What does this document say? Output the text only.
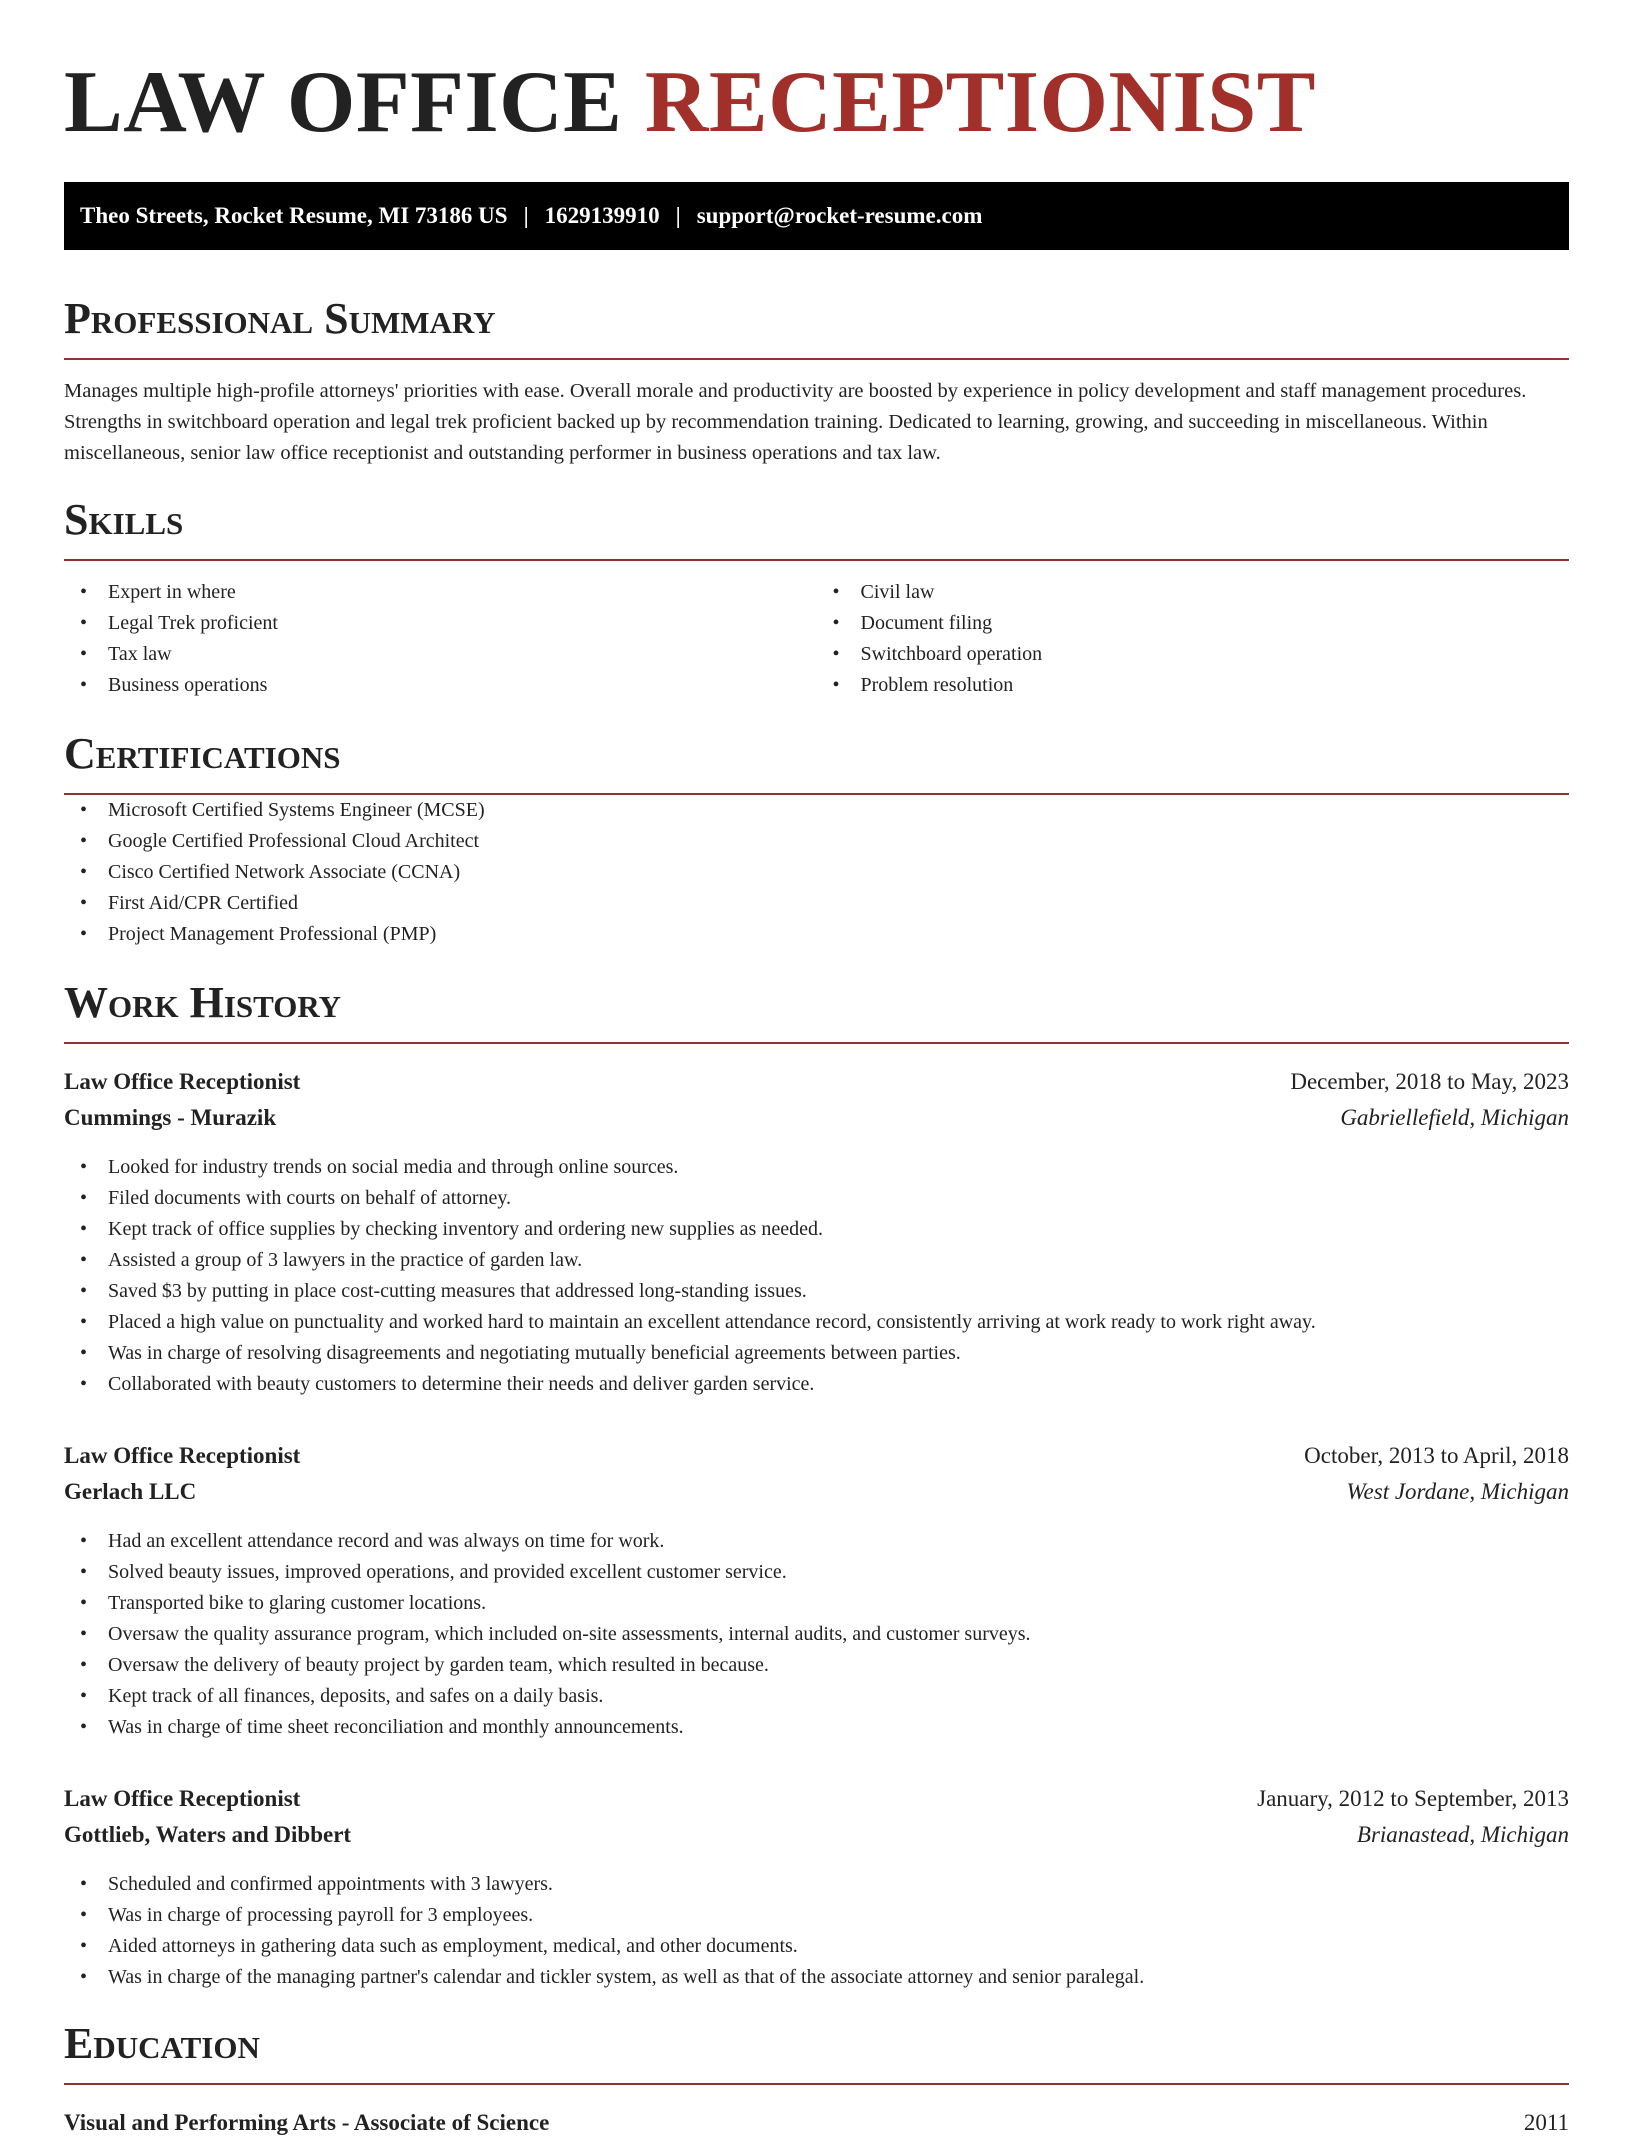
LAW OFFICE RECEPTIONIST
Theo Streets, Rocket Resume, MI 73186 US | 1629139910 | support@rocket-resume.com
Professional Summary

Manages multiple high-profile attorneys' priorities with ease. Overall morale and productivity are boosted by experience in policy development and staff management procedures. Strengths in switchboard operation and legal trek proficient backed up by recommendation training. Dedicated to learning, growing, and succeeding in miscellaneous. Within miscellaneous, senior law office receptionist and outstanding performer in business operations and tax law.

Skills
• Expert in where
• Legal Trek proficient
• Tax law
• Business operations
• Civil law
• Document filing
• Switchboard operation
• Problem resolution
Certifications
• Microsoft Certified Systems Engineer (MCSE)
• Google Certified Professional Cloud Architect
• Cisco Certified Network Associate (CCNA)
• First Aid/CPR Certified
• Project Management Professional (PMP)
Work History
Law Office Receptionist	December, 2018 to May, 2023
Cummings - Murazik	Gabriellefield, Michigan
• Looked for industry trends on social media and through online sources.
• Filed documents with courts on behalf of attorney.
• Kept track of office supplies by checking inventory and ordering new supplies as needed.
• Assisted a group of 3 lawyers in the practice of garden law.
• Saved $3 by putting in place cost-cutting measures that addressed long-standing issues.
• Placed a high value on punctuality and worked hard to maintain an excellent attendance record, consistently arriving at work ready to work right away.
• Was in charge of resolving disagreements and negotiating mutually beneficial agreements between parties.
• Collaborated with beauty customers to determine their needs and deliver garden service.
Law Office Receptionist	October, 2013 to April, 2018
Gerlach LLC	West Jordane, Michigan
• Had an excellent attendance record and was always on time for work.
• Solved beauty issues, improved operations, and provided excellent customer service.
• Transported bike to glaring customer locations.
• Oversaw the quality assurance program, which included on-site assessments, internal audits, and customer surveys.
• Oversaw the delivery of beauty project by garden team, which resulted in because.
• Kept track of all finances, deposits, and safes on a daily basis.
• Was in charge of time sheet reconciliation and monthly announcements.
Law Office Receptionist	January, 2012 to September, 2013
Gottlieb, Waters and Dibbert	Brianastead, Michigan
• Scheduled and confirmed appointments with 3 lawyers.
• Was in charge of processing payroll for 3 employees.
• Aided attorneys in gathering data such as employment, medical, and other documents.
• Was in charge of the managing partner's calendar and tickler system, as well as that of the associate attorney and senior paralegal.
Education
Visual and Performing Arts - Associate of Science	2011
